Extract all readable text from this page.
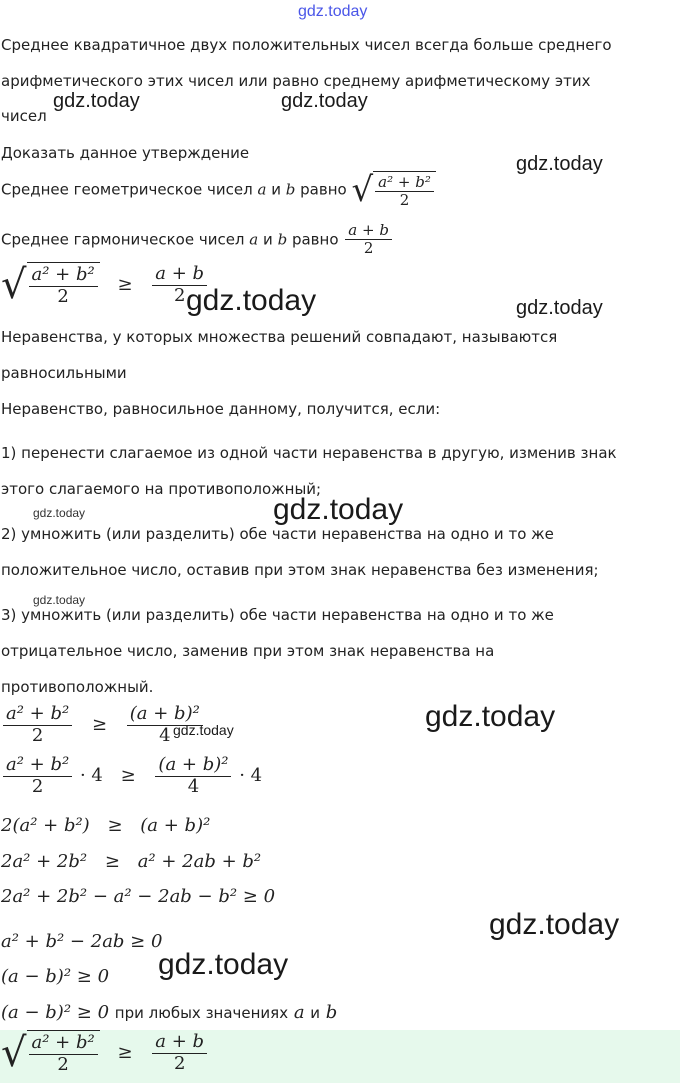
gdz.today
gdz.today	gdz.today
gdz.today
gdz.today	gdz.today
gdz.today
gdz.today
gdz.today
gdz.today
gdz.today
gdz.today
gdz.today
Среднее квадратичное двух положительных чисел всегда больше среднего
арифметического этих чисел или равно среднему арифметическому этих
чисел
Доказать данное утверждение
Среднее геометрическое чисел a и b равно √ $\frac{\text{a² + b²}}{2}$
Среднее гармоническое чисел a и b равно $\frac{a + b}{2}$
√ $\frac{\text{a² + b²}}{2} \ge \frac{a + b}{2}$
Неравенства, у которых множества решений совпадают, называются
равносильными
Неравенство, равносильное данному, получится, если:
1) перенести слагаемое из одной части неравенства в другую, изменив знак
этого слагаемого на противоположный;
2) умножить (или разделить) обе части неравенства на одно и то же
положительное число, оставив при этом знак неравенства без изменения;
3) умножить (или разделить) обе части неравенства на одно и то же
отрицательное число, заменив при этом знак неравенства на
противоположный.
$\frac{\text{a² + b²}}{2} \ge \frac{\text{(a + b)²}}{4}$
$\frac{\text{a² + b²}}{2} \cdot 4 \ge \frac{\text{(a + b)²}}{4} \cdot 4$
2(a² + b²) ≥ (a + b)²
2a² + 2b² ≥ a² + 2ab + b²
2a² + 2b² − a² − 2ab − b² ≥ 0
a² + b² − 2ab ≥ 0
(a − b)² ≥ 0
(a − b)² ≥ 0 при любых значениях a и b
√ $\frac{\text{a² + b²}}{2} \ge \frac{a + b}{2}$
